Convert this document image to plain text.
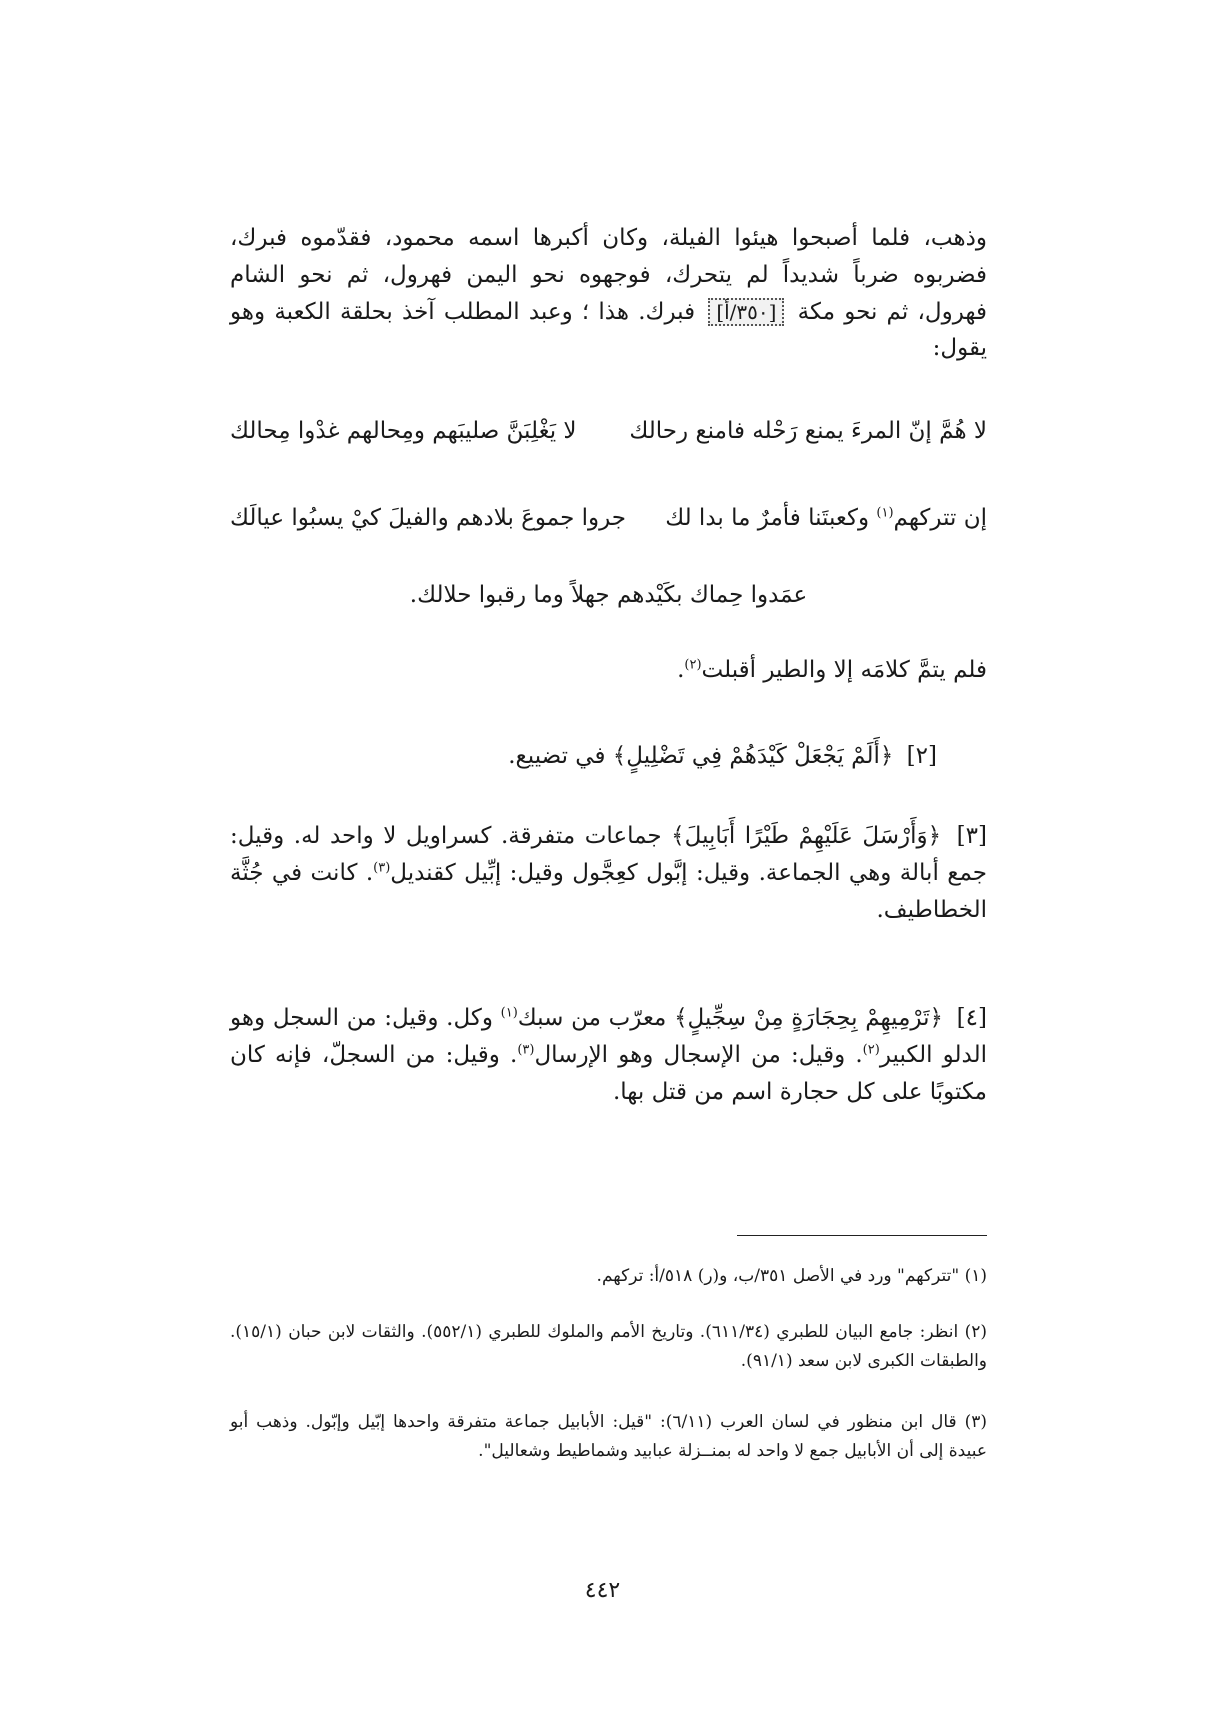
وذهب، فلما أصبحوا هيئوا الفيلة، وكان أكبرها اسمه محمود، فقدّموه فبرك، فضربوه ضرباً شديداً لم يتحرك، فوجهوه نحو اليمن فهرول، ثم نحو الشام فهرول، ثم نحو مكة [٣٥٠/أ] فبرك. هذا ؛ وعبد المطلب آخذ بحلقة الكعبة وهو يقول:

لا هُمَّ إنّ المرءَ يمنع رَحْله فامنع رحالك
لا يَغْلِبَنَّ صليبَهم ومِحالهم غدْوا مِحالك
إن تتركهم$^{(١)}$ وكعبتَنا فأمرٌ ما بدا لك
جروا جموعَ بلادهم والفيلَ كيْ يسبُوا عيالَك
عمَدوا حِماك بكَيْدهم جهلاً وما رقبوا حلالك.

فلم يتمَّ كلامَه إلا والطير أقبلت$^{(٢)}$.

[٢] ﴿أَلَمْ يَجْعَلْ كَيْدَهُمْ فِي تَضْلِيلٍ﴾ في تضييع.

[٣] ﴿وَأَرْسَلَ عَلَيْهِمْ طَيْرًا أَبَابِيلَ﴾ جماعات متفرقة. كسراويل لا واحد له. وقيل: جمع أبالة وهي الجماعة. وقيل: إبَّول كعِجَّول وقيل: إبِّيل كقنديل$^{(٣)}$. كانت في جُثَّة الخطاطيف.

[٤] ﴿تَرْمِيهِمْ بِحِجَارَةٍ مِنْ سِجِّيلٍ﴾ معرّب من سبك$^{(١)}$ وكل. وقيل: من السجل وهو الدلو الكبير$^{(٢)}$. وقيل: من الإسجال وهو الإرسال$^{(٣)}$. وقيل: من السجلّ، فإنه كان مكتوبًا على كل حجارة اسم من قتل بها.

(١) "تتركهم" ورد في الأصل ٣٥١/ب، و(ر) ٥١٨/أ: تركهم.

(٢) انظر: جامع البيان للطبري (٦١١/٣٤). وتاريخ الأمم والملوك للطبري (٥٥٢/١). والثقات لابن حبان (١٥/١). والطبقات الكبرى لابن سعد (٩١/١).

(٣) قال ابن منظور في لسان العرب (٦/١١): "قيل: الأبابيل جماعة متفرقة واحدها إبّيل وإبّول. وذهب أبو عبيدة إلى أن الأبابيل جمع لا واحد له بمنــزلة عبابيد وشماطيط وشعاليل".

٤٤٢
